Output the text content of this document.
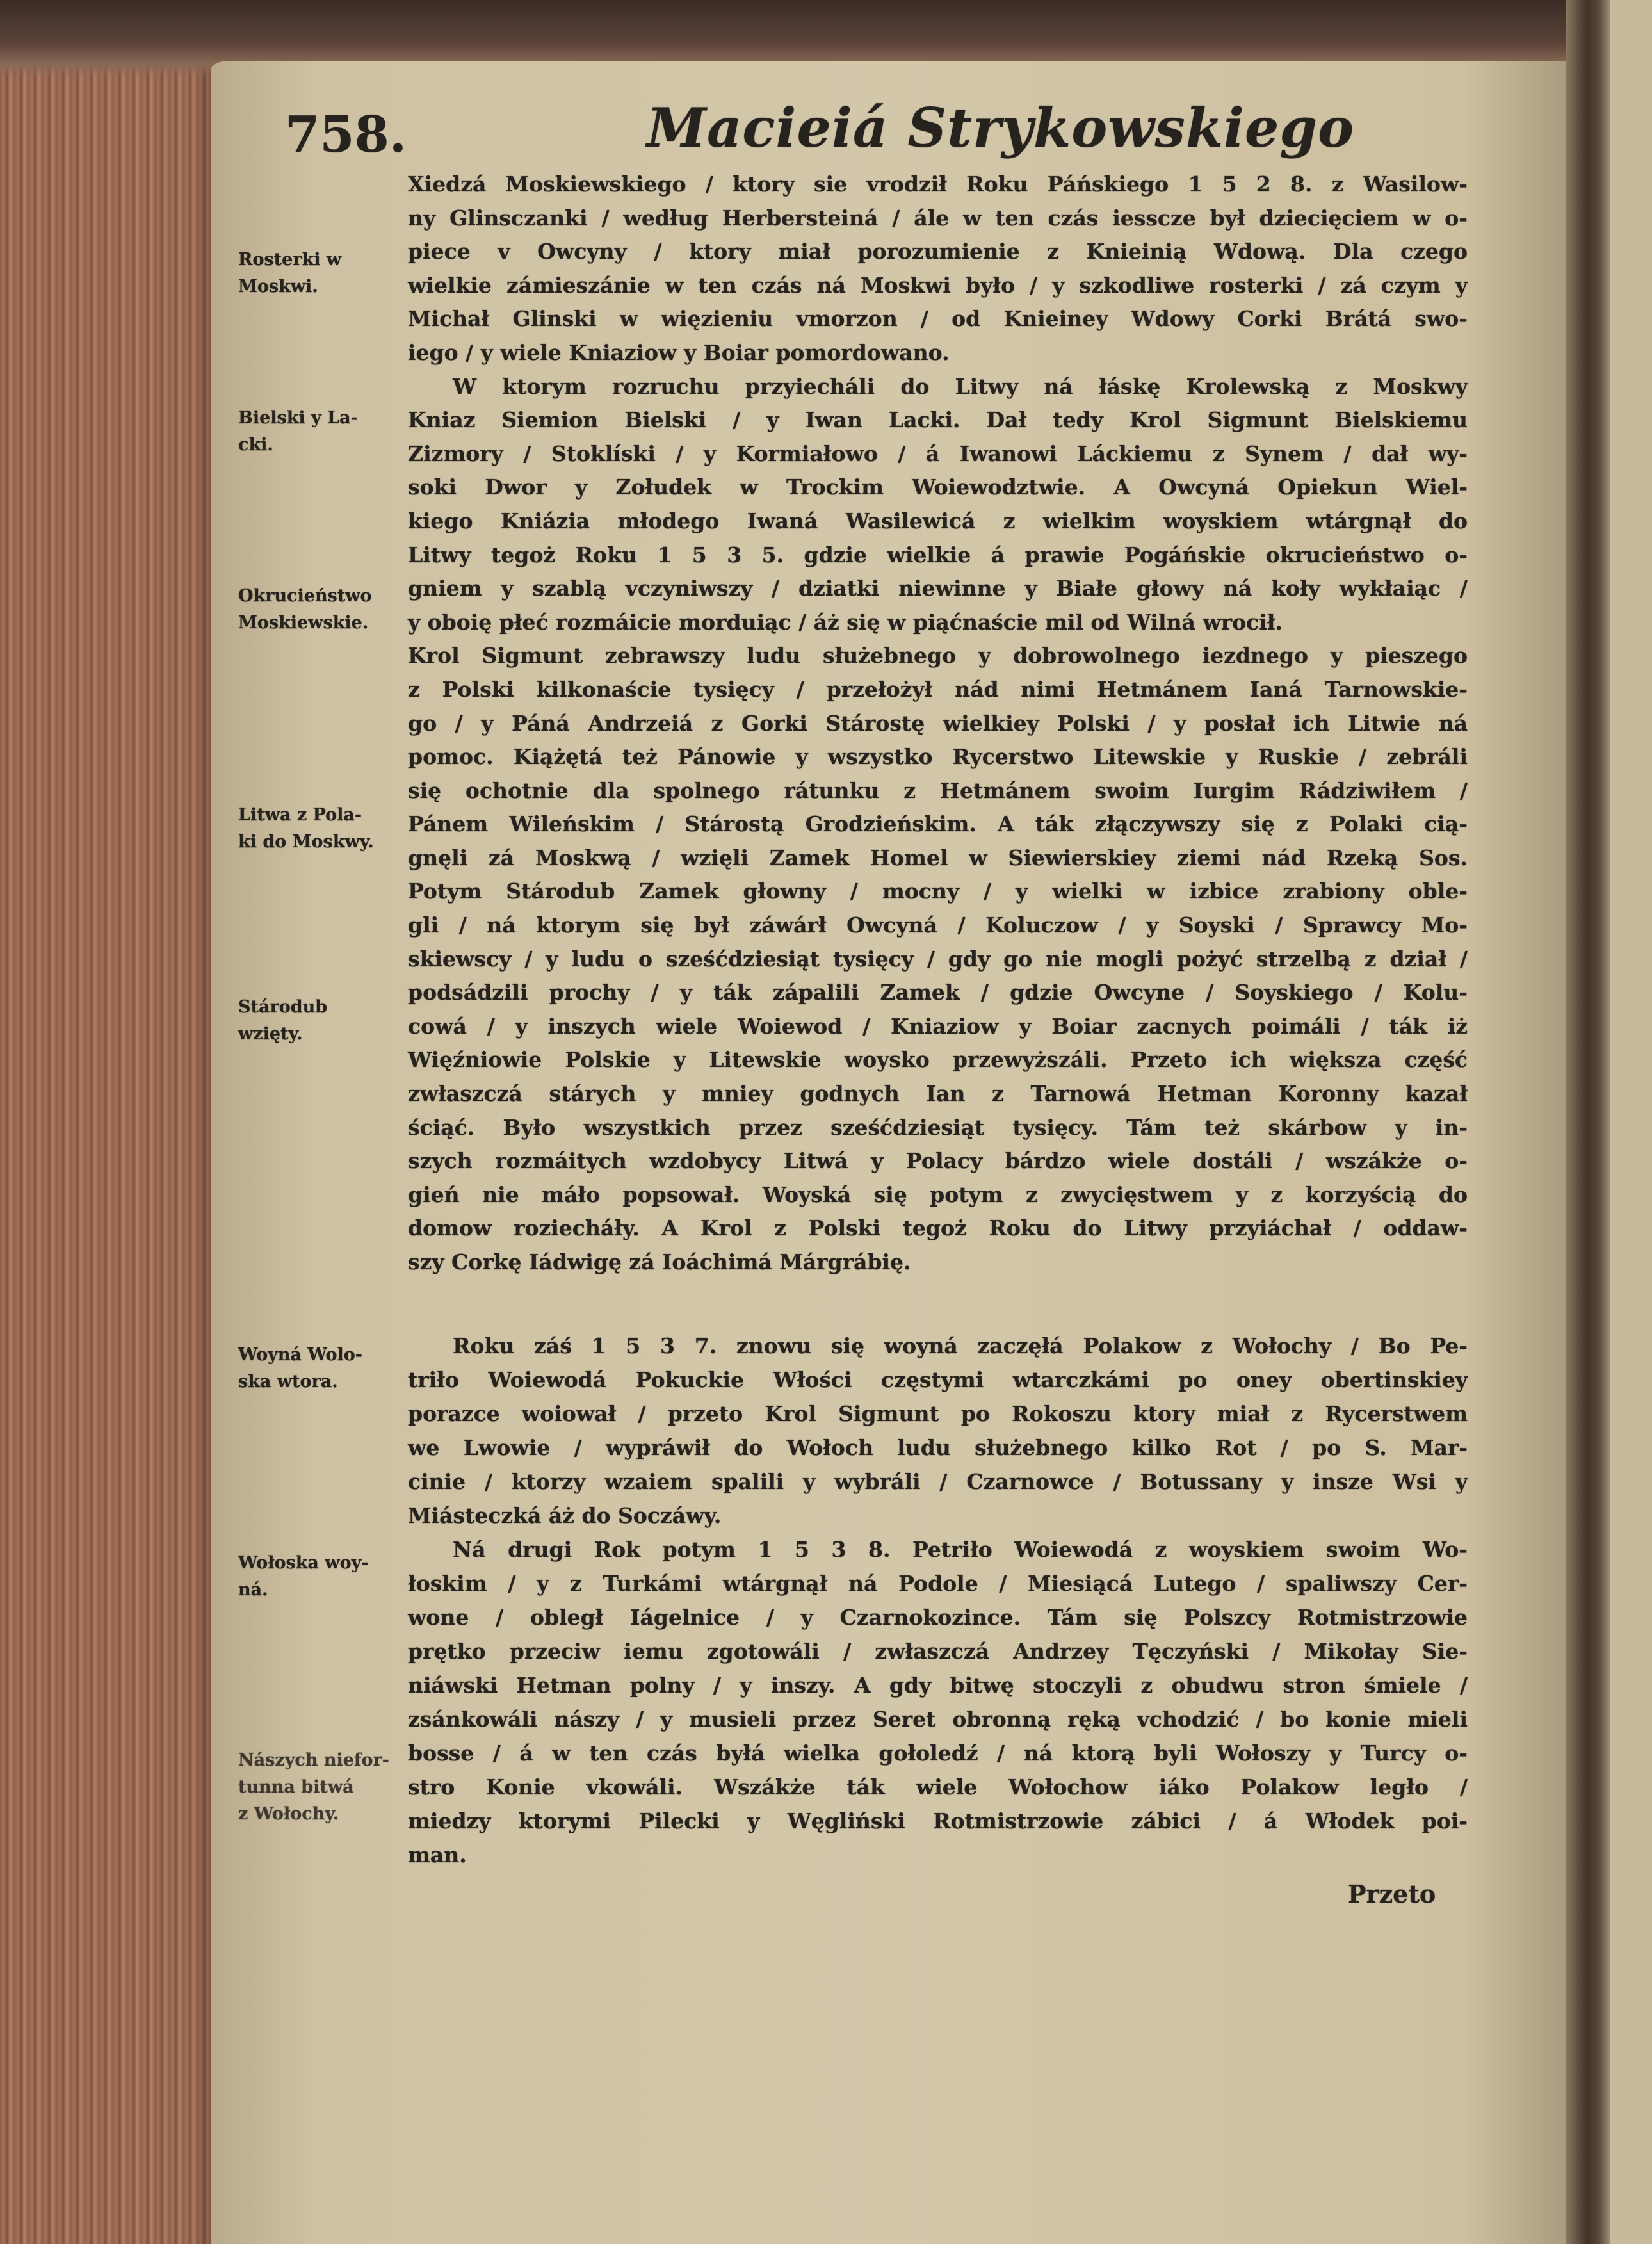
758.	Macieiá Strykowskiego
Xiedzá Moskiewskiego / ktory sie vrodził Roku Páńskiego 1 5 2 8. z Wasilow-
ny Glinsczanki / według Herbersteiná / ále w ten czás iesscze był dziecięciem w o-
piece v Owcyny / ktory miał porozumienie z Knieinią Wdową. Dla czego
wielkie zámieszánie w ten czás ná Moskwi było / y szkodliwe rosterki / zá czym y
Michał Glinski w więzieniu vmorzon / od Knieiney Wdowy Corki Brátá swo-
iego / y wiele Kniaziow y Boiar pomordowano.
W ktorym rozruchu przyiecháli do Litwy ná łáskę Krolewską z Moskwy
Kniaz Siemion Bielski / y Iwan Lacki. Dał tedy Krol Sigmunt Bielskiemu
Zizmory / Stoklíski / y Kormiałowo / á Iwanowi Láckiemu z Synem / dał wy-
soki Dwor y Zołudek w Trockim Woiewodztwie. A Owcyná Opiekun Wiel-
kiego Kniázia młodego Iwaná Wasilewicá z wielkim woyskiem wtárgnął do
Litwy tegoż Roku 1 5 3 5. gdzie wielkie á prawie Pogáńskie okrucieństwo o-
gniem y szablą vczyniwszy / dziatki niewinne y Białe głowy ná koły wykłaiąc /
y oboię płeć rozmáicie morduiąc / áż się w piąćnaście mil od Wilná wrocił.
Krol Sigmunt zebrawszy ludu służebnego y dobrowolnego iezdnego y pieszego
z Polski kilkonaście tysięcy / przełożył nád nimi Hetmánem Ianá Tarnowskie-
go / y Páná Andrzeiá z Gorki Stárostę wielkiey Polski / y posłał ich Litwie ná
pomoc. Kiążętá też Pánowie y wszystko Rycerstwo Litewskie y Ruskie / zebráli
się ochotnie dla spolnego rátunku z Hetmánem swoim Iurgim Rádziwiłem /
Pánem Wileńskim / Stárostą Grodzieńskim. A ták złączywszy się z Polaki cią-
gnęli zá Moskwą / wzięli Zamek Homel w Siewierskiey ziemi nád Rzeką Sos.
Potym Stárodub Zamek głowny / mocny / y wielki w izbice zrabiony oble-
gli / ná ktorym się był záwárł Owcyná / Koluczow / y Soyski / Sprawcy Mo-
skiewscy / y ludu o sześćdziesiąt tysięcy / gdy go nie mogli pożyć strzelbą z dział /
podsádzili prochy / y ták zápalili Zamek / gdzie Owcyne / Soyskiego / Kolu-
cowá / y inszych wiele Woiewod / Kniaziow y Boiar zacnych poimáli / ták iż
Więźniowie Polskie y Litewskie woysko przewyższáli. Przeto ich większa część
zwłaszczá stárych y mniey godnych Ian z Tarnowá Hetman Koronny kazał
ściąć. Było wszystkich przez sześćdziesiąt tysięcy. Tám też skárbow y in-
szych rozmáitych wzdobycy Litwá y Polacy bárdzo wiele dostáli / wszákże o-
gień nie máło popsował. Woyská się potym z zwycięstwem y z korzyścią do
domow roziecháły. A Krol z Polski tegoż Roku do Litwy przyiáchał / oddaw-
szy Corkę Iádwigę zá Ioáchimá Márgrábię.
Roku záś 1 5 3 7. znowu się woyná zaczęłá Polakow z Wołochy / Bo Pe-
triło Woiewodá Pokuckie Włości częstymi wtarczkámi po oney obertinskiey
porazce woiował / przeto Krol Sigmunt po Rokoszu ktory miał z Rycerstwem
we Lwowie / wypráwił do Wołoch ludu służebnego kilko Rot / po S. Mar-
cinie / ktorzy wzaiem spalili y wybráli / Czarnowce / Botussany y insze Wsi y
Miásteczká áż do Soczáwy.
Ná drugi Rok potym 1 5 3 8. Petriło Woiewodá z woyskiem swoim Wo-
łoskim / y z Turkámi wtárgnął ná Podole / Miesiącá Lutego / spaliwszy Cer-
wone / obległ Iágelnice / y Czarnokozince. Tám się Polszcy Rotmistrzowie
prętko przeciw iemu zgotowáli / zwłaszczá Andrzey Tęczyński / Mikołay Sie-
niáwski Hetman polny / y inszy. A gdy bitwę stoczyli z obudwu stron śmiele /
zsánkowáli nászy / y musieli przez Seret obronną ręką vchodzić / bo konie mieli
bosse / á w ten czás byłá wielka gołoledź / ná ktorą byli Wołoszy y Turcy o-
stro Konie vkowáli. Wszákże ták wiele Wołochow iáko Polakow legło /
miedzy ktorymi Pilecki y Węgliński Rotmistrzowie zábici / á Włodek poi-
man.
Rosterki w
Moskwi.
Bielski y La-
cki.
Okrucieństwo
Moskiewskie.
Litwa z Pola-
ki do Moskwy.
Stárodub
wzięty.
Woyná Wolo-
ska wtora.
Wołoska woy-
ná.
Nászych niefor-
tunna bitwá
z Wołochy.
Przeto
